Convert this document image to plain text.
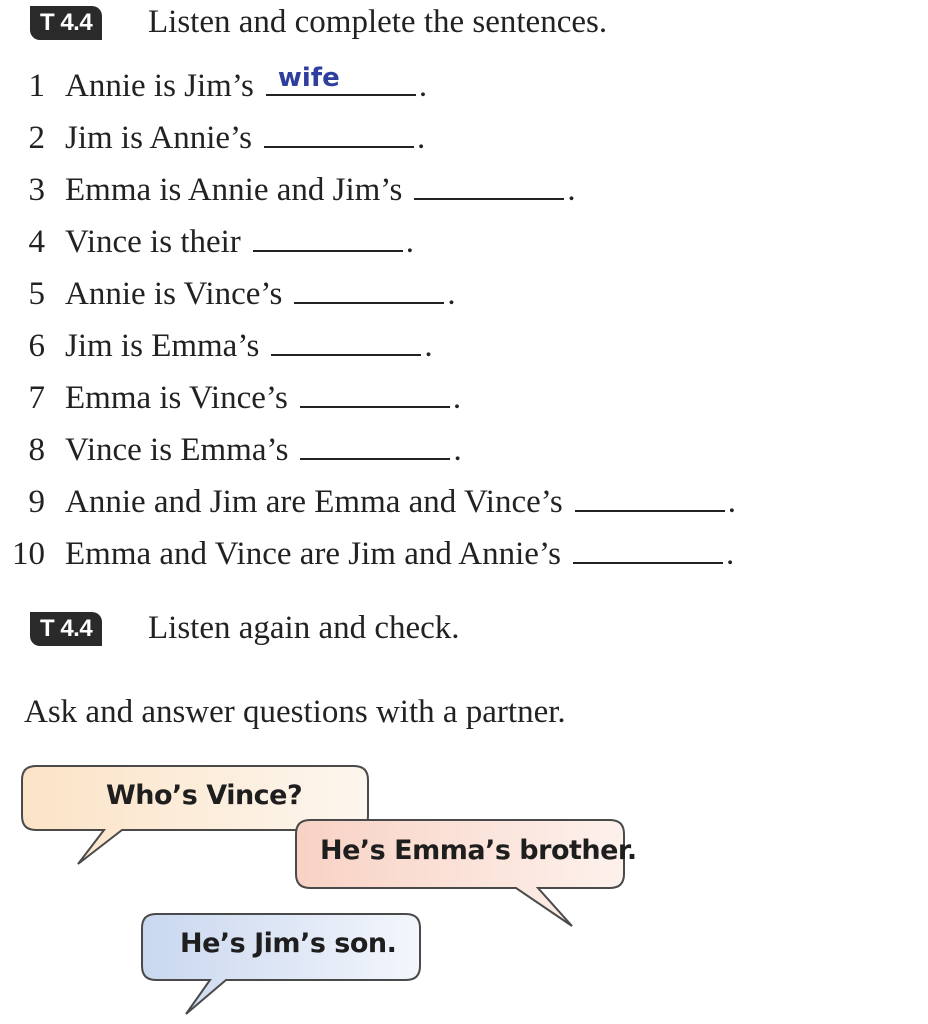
T 4.4	Listen and complete the sentences.
1 Annie is Jim’s wife .
2 Jim is Annie’s	.
3 Emma is Annie and Jim’s	.
4 Vince is their	.
5 Annie is Vince’s	.
6 Jim is Emma’s	.
7 Emma is Vince’s	.
8 Vince is Emma’s	.
9 Annie and Jim are Emma and Vince’s	.
10 Emma and Vince are Jim and Annie’s	.
T 4.4	Listen again and check.
Ask and answer questions with a partner.
Who’s Vince?
He’s Emma’s brother.
He’s Jim’s son.
